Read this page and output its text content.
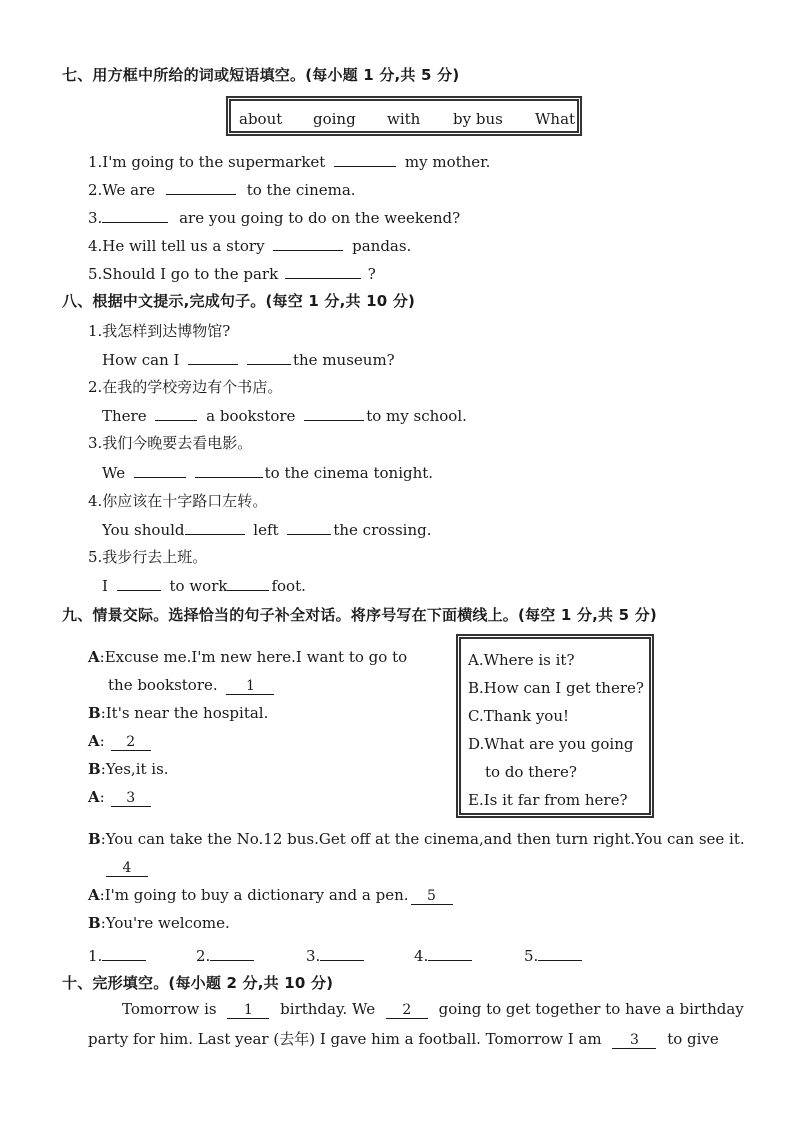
七、用方框中所给的词或短语填空。(每小题 1 分,共 5 分)
about going with by bus What
1.I'm going to the supermarket	my mother.
2.We are	to the cinema.
3.	are you going to do on the weekend?
4.He will tell us a story	pandas.
5.Should I go to the park	?
八、根据中文提示,完成句子。(每空 1 分,共 10 分)
1.我怎样到达博物馆?
How can I	the museum?
2.在我的学校旁边有个书店。
There	a bookstore	to my school.
3.我们今晚要去看电影。
We	to the cinema tonight.
4.你应该在十字路口左转。
You should	left	the crossing.
5.我步行去上班。
I	to work	foot.
九、情景交际。选择恰当的句子补全对话。将序号写在下面横线上。(每空 1 分,共 5 分)
A.Where is it?
B.How can I get there?
C.Thank you!
D.What are you going
to do there?
E.Is it far from here?
A:Excuse me.I'm new here.I want to go to
the bookstore. 1
B:It's near the hospital.
A: 2
B:Yes,it is.
A: 3
B:You can take the No.12 bus.Get off at the cinema,and then turn right.You can see it.
4
A:I'm going to buy a dictionary and a pen. 5
B:You're welcome.
1.	2.	3.	4.	5.
十、完形填空。(每小题 2 分,共 10 分)
Tomorrow is 1 birthday. We 2 going to get together to have a birthday
party for him. Last year (去年) I gave him a football. Tomorrow I am 3 to give
